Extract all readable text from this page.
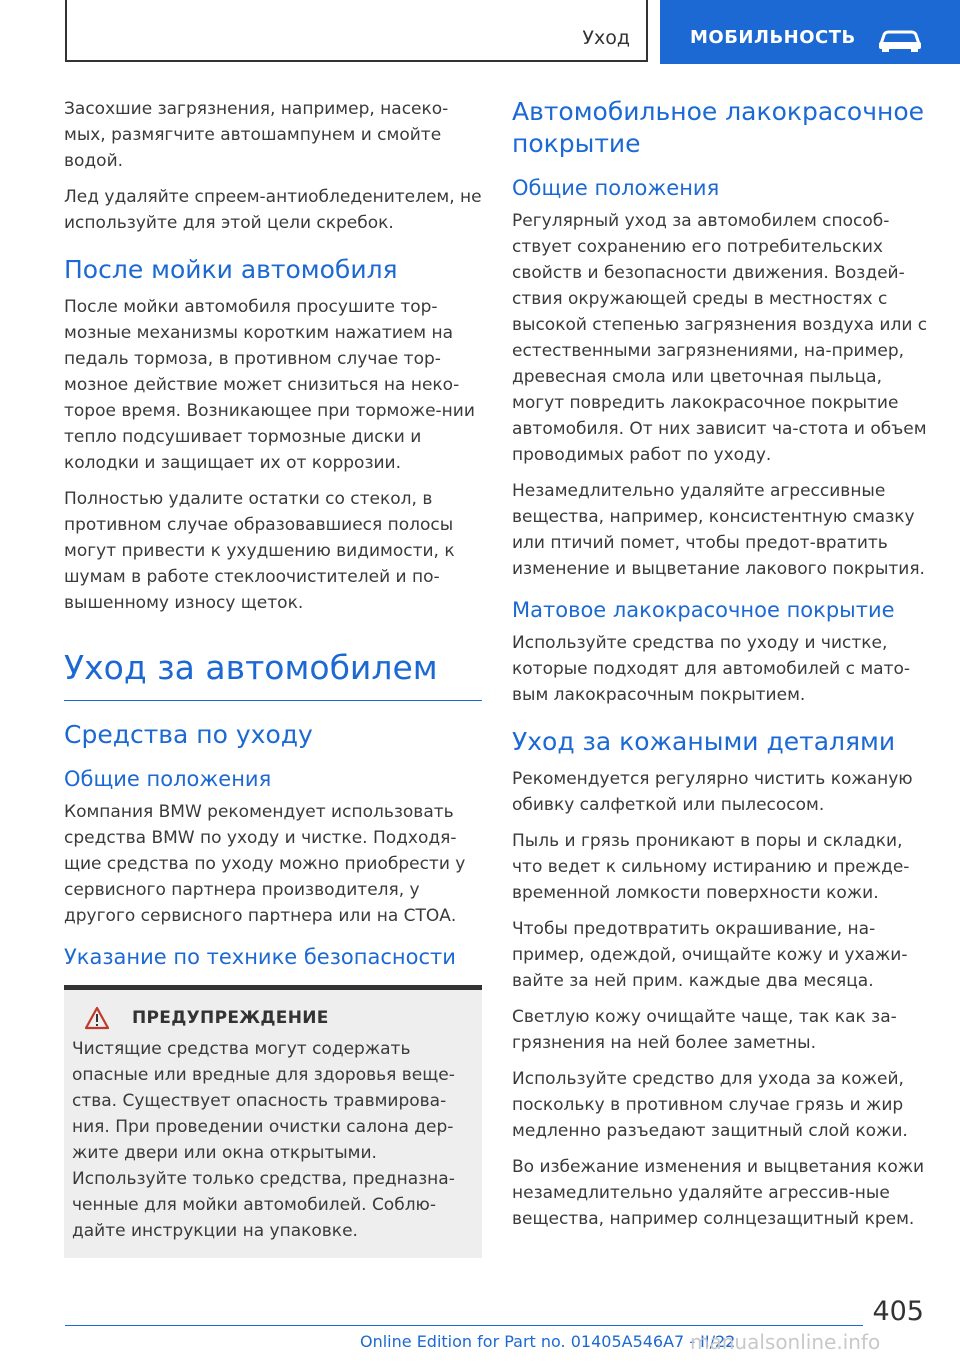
Уход	МОБИЛЬНОСТЬ

Засохшие загрязнения, например, насеко-мых, размягчите автошампунем и смойте водой.

Лед удаляйте спреем-антиобледенителем, не используйте для этой цели скребок.

После мойки автомобиля

После мойки автомобиля просушите тор-мозные механизмы коротким нажатием на педаль тормоза, в противном случае тор-мозное действие может снизиться на неко-торое время. Возникающее при торможе-нии тепло подсушивает тормозные диски и колодки и защищает их от коррозии.

Полностью удалите остатки со стекол, в противном случае образовавшиеся полосы могут привести к ухудшению видимости, к шумам в работе стеклоочистителей и по-вышенному износу щеток.

Уход за автомобилем
Средства по уходу
Общие положения

Компания BMW рекомендует использовать средства BMW по уходу и чистке. Подходя-щие средства по уходу можно приобрести у сервисного партнера производителя, у другого сервисного партнера или на СТОА.

Указание по технике безопасности
ПРЕДУПРЕЖДЕНИЕ

Чистящие средства могут содержать опасные или вредные для здоровья веще-ства. Существует опасность травмирова-ния. При проведении очистки салона дер-жите двери или окна открытыми. Используйте только средства, предназна-ченные для мойки автомобилей. Соблю-дайте инструкции на упаковке.

Автомобильное лакокрасочное покрытие
Общие положения

Регулярный уход за автомобилем способ-ствует сохранению его потребительских свойств и безопасности движения. Воздей-ствия окружающей среды в местностях с высокой степенью загрязнения воздуха или с естественными загрязнениями, на-пример, древесная смола или цветочная пыльца, могут повредить лакокрасочное покрытие автомобиля. От них зависит ча-стота и объем проводимых работ по уходу.

Незамедлительно удаляйте агрессивные вещества, например, консистентную смазку или птичий помет, чтобы предот-вратить изменение и выцветание лакового покрытия.

Матовое лакокрасочное покрытие

Используйте средства по уходу и чистке, которые подходят для автомобилей с мато-вым лакокрасочным покрытием.

Уход за кожаными деталями

Рекомендуется регулярно чистить кожаную обивку салфеткой или пылесосом.

Пыль и грязь проникают в поры и складки, что ведет к сильному истиранию и прежде-временной ломкости поверхности кожи.

Чтобы предотвратить окрашивание, на-пример, одеждой, очищайте кожу и ухажи-вайте за ней прим. каждые два месяца.

Светлую кожу очищайте чаще, так как за-грязнения на ней более заметны.

Используйте средство для ухода за кожей, поскольку в противном случае грязь и жир медленно разъедают защитный слой кожи.

Во избежание изменения и выцветания кожи незамедлительно удаляйте агрессив-ные вещества, например солнцезащитный крем.

405
Online Edition for Part no. 01405A546A7 - II/22
manualsonline.info
